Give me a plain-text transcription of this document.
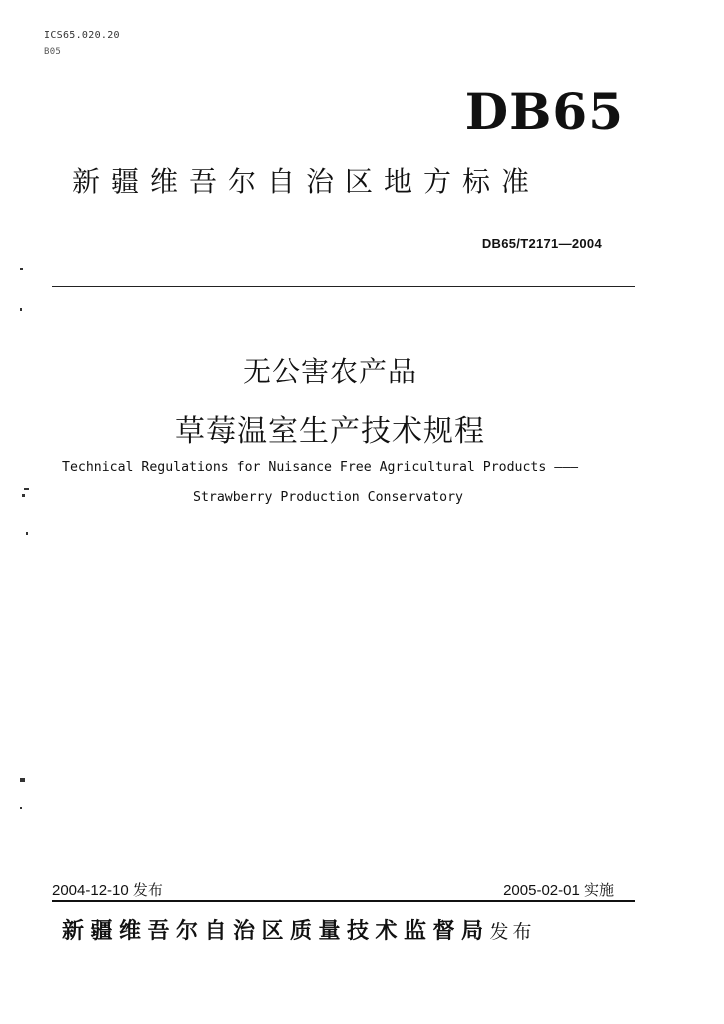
ICS65.020.20
B05
DB65
新疆维吾尔自治区地方标准
DB65/T2171—2004
无公害农产品
草莓温室生产技术规程
Technical Regulations for Nuisance Free Agricultural Products ———
Strawberry Production Conservatory
2004-12-10 发布	2005-02-01 实施
新疆维吾尔自治区质量技术监督局发布
